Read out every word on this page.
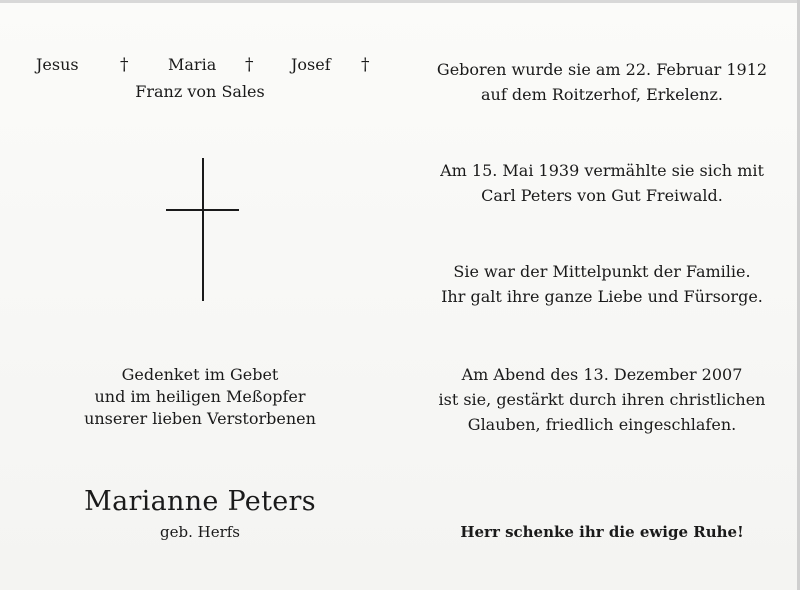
Jesus † Maria † Josef †
Franz von Sales
Gedenket im Gebet
und im heiligen Meßopfer
unserer lieben Verstorbenen
Marianne Peters
geb. Herfs
Geboren wurde sie am 22. Februar 1912
auf dem Roitzerhof, Erkelenz.
Am 15. Mai 1939 vermählte sie sich mit
Carl Peters von Gut Freiwald.
Sie war der Mittelpunkt der Familie.
Ihr galt ihre ganze Liebe und Fürsorge.
Am Abend des 13. Dezember 2007
ist sie, gestärkt durch ihren christlichen
Glauben, friedlich eingeschlafen.
Herr schenke ihr die ewige Ruhe!
